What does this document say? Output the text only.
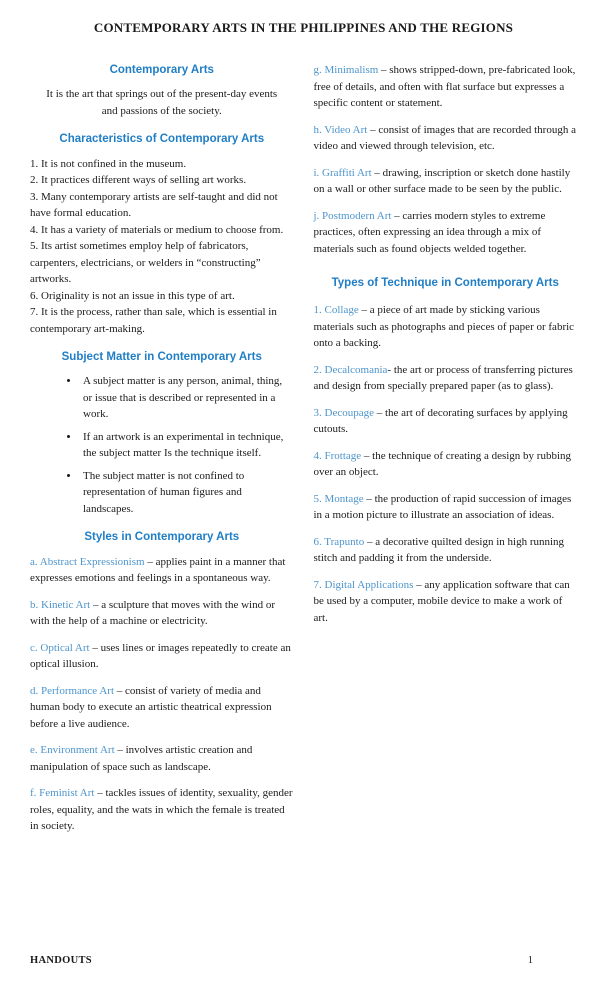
CONTEMPORARY ARTS IN THE PHILIPPINES AND THE REGIONS
Contemporary Arts

It is the art that springs out of the present-day events and passions of the society.

Characteristics of Contemporary Arts

1. It is not confined in the museum.

2. It practices different ways of selling art works.

3. Many contemporary artists are self-taught and did not have formal education.

4. It has a variety of materials or medium to choose from.

5. Its artist sometimes employ help of fabricators, carpenters, electricians, or welders in “constructing” artworks.

6. Originality is not an issue in this type of art.

7. It is the process, rather than sale, which is essential in contemporary art-making.

Subject Matter in Contemporary Arts
• A subject matter is any person, animal, thing, or issue that is described or represented in a work.
• If an artwork is an experimental in technique, the subject matter Is the technique itself.
• The subject matter is not confined to representation of human figures and landscapes.
Styles in Contemporary Arts

a. Abstract Expressionism – applies paint in a manner that expresses emotions and feelings in a spontaneous way.

b. Kinetic Art – a sculpture that moves with the wind or with the help of a machine or electricity.

c. Optical Art – uses lines or images repeatedly to create an optical illusion.

d. Performance Art – consist of variety of media and human body to execute an artistic theatrical expression before a live audience.

e. Environment Art – involves artistic creation and manipulation of space such as landscape.

f. Feminist Art – tackles issues of identity, sexuality, gender roles, equality, and the wats in which the female is treated in society.

g. Minimalism – shows stripped-down, pre-fabricated look, free of details, and often with flat surface but expresses a specific content or statement.

h. Video Art – consist of images that are recorded through a video and viewed through television, etc.

i. Graffiti Art – drawing, inscription or sketch done hastily on a wall or other surface made to be seen by the public.

j. Postmodern Art – carries modern styles to extreme practices, often expressing an idea through a mix of materials such as found objects welded together.

Types of Technique in Contemporary Arts

1. Collage – a piece of art made by sticking various materials such as photographs and pieces of paper or fabric onto a backing.

2. Decalcomania- the art or process of transferring pictures and design from specially prepared paper (as to glass).

3. Decoupage – the art of decorating surfaces by applying cutouts.

4. Frottage – the technique of creating a design by rubbing over an object.

5. Montage – the production of rapid succession of images in a motion picture to illustrate an association of ideas.

6. Trapunto – a decorative quilted design in high running stitch and padding it from the underside.

7. Digital Applications – any application software that can be used by a computer, mobile device to make a work of art.

HANDOUTS	1
